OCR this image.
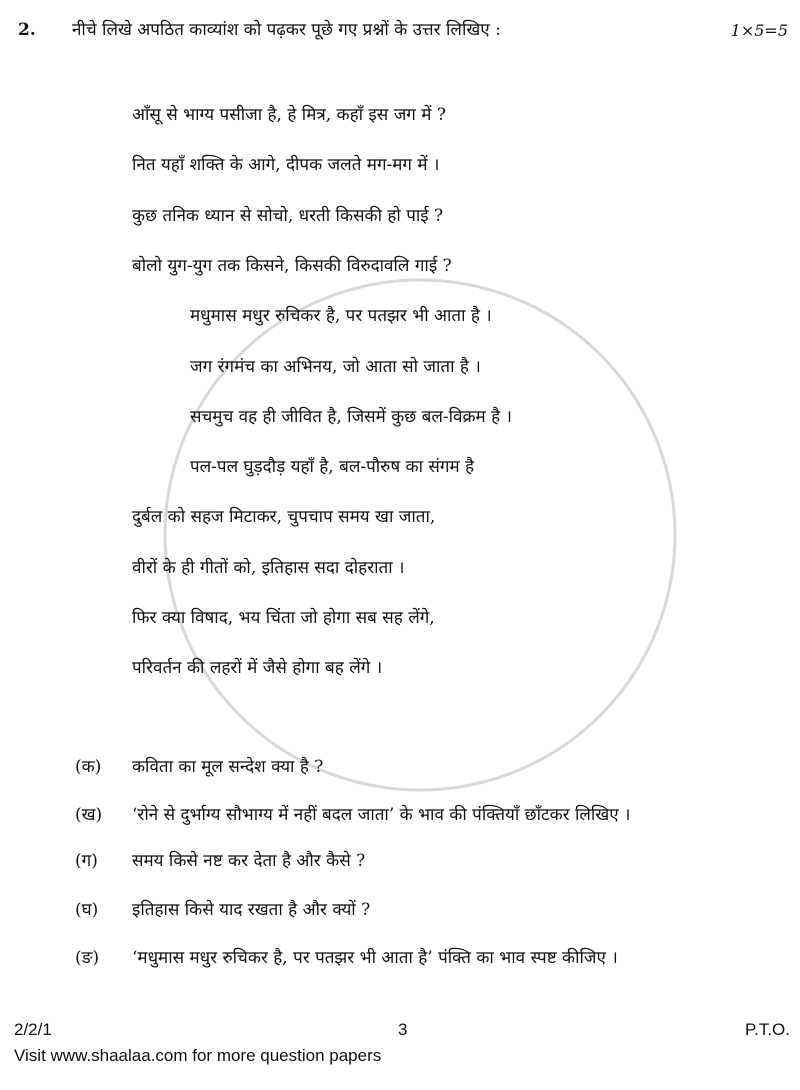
2. नीचे लिखे अपठित काव्यांश को पढ़कर पूछे गए प्रश्नों के उत्तर लिखिए :	1×5=5
आँसू से भाग्य पसीजा है, हे मित्र, कहाँ इस जग में ?
नित यहाँ शक्ति के आगे, दीपक जलते मग-मग में ।
कुछ तनिक ध्यान से सोचो, धरती किसकी हो पाई ?
बोलो युग-युग तक किसने, किसकी विरुदावलि गाई ?
मधुमास मधुर रुचिकर है, पर पतझर भी आता है ।
जग रंगमंच का अभिनय, जो आता सो जाता है ।
सचमुच वह ही जीवित है, जिसमें कुछ बल-विक्रम है ।
पल-पल घुड़दौड़ यहाँ है, बल-पौरुष का संगम है
दुर्बल को सहज मिटाकर, चुपचाप समय खा जाता,
वीरों के ही गीतों को, इतिहास सदा दोहराता ।
फिर क्या विषाद, भय चिंता जो होगा सब सह लेंगे,
परिवर्तन की लहरों में जैसे होगा बह लेंगे ।
(क) कविता का मूल सन्देश क्या है ?
(ख) ‘रोने से दुर्भाग्य सौभाग्य में नहीं बदल जाता’ के भाव की पंक्तियाँ छाँटकर लिखिए ।
(ग) समय किसे नष्ट कर देता है और कैसे ?
(घ) इतिहास किसे याद रखता है और क्यों ?
(ङ) ‘मधुमास मधुर रुचिकर है, पर पतझर भी आता है’ पंक्ति का भाव स्पष्ट कीजिए ।
2/2/1	3	P.T.O.
Visit www.shaalaa.com for more question papers
